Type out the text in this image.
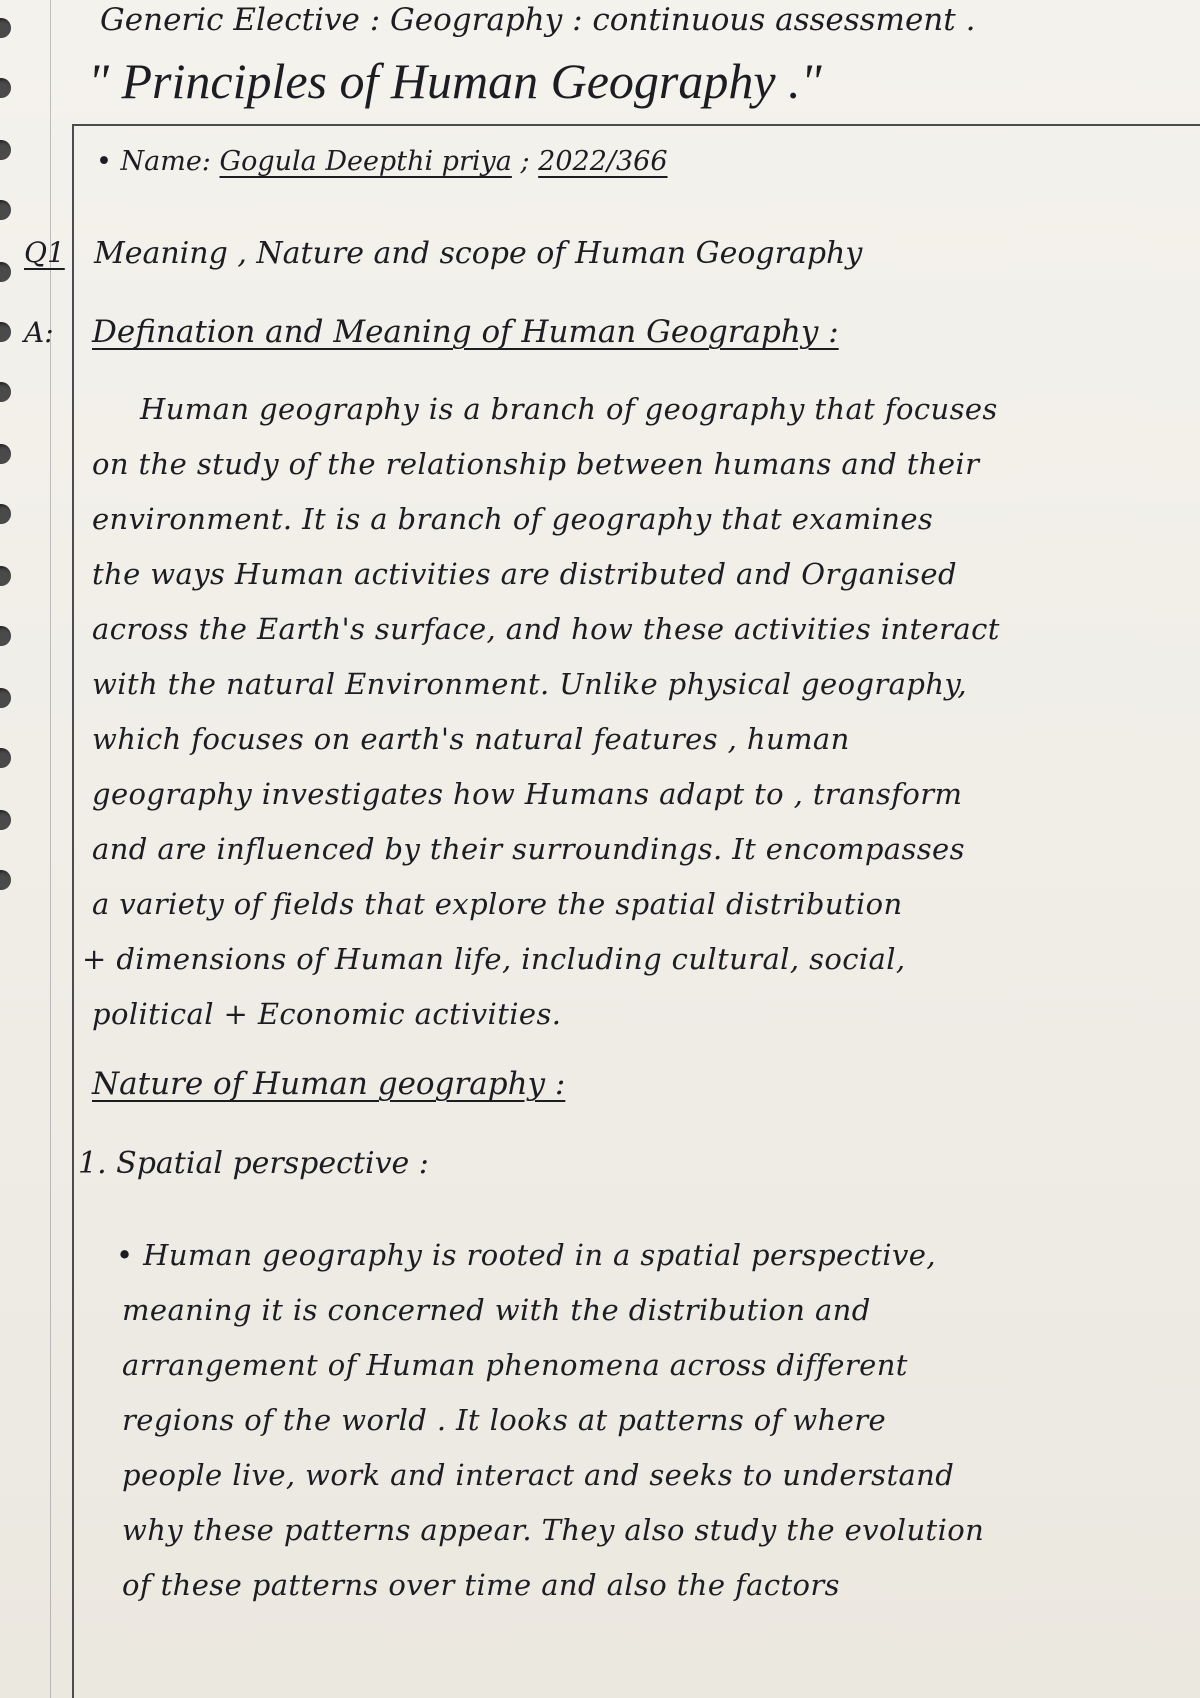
Generic Elective : Geography : continuous assessment .
" Principles of Human Geography ."
• Name: Gogula Deepthi priya ; 2022/366
Q1 Meaning , Nature and scope of Human Geography
A: Defination and Meaning of Human Geography :
Human geography is a branch of geography that focuses
on the study of the relationship between humans and their
environment. It is a branch of geography that examines
the ways Human activities are distributed and Organised
across the Earth's surface, and how these activities interact
with the natural Environment. Unlike physical geography,
which focuses on earth's natural features , human
geography investigates how Humans adapt to , transform
and are influenced by their surroundings. It encompasses
a variety of fields that explore the spatial distribution
+ dimensions of Human life, including cultural, social,
political + Economic activities.
Nature of Human geography :
1. Spatial perspective :
• Human geography is rooted in a spatial perspective,
meaning it is concerned with the distribution and
arrangement of Human phenomena across different
regions of the world . It looks at patterns of where
people live, work and interact and seeks to understand
why these patterns appear. They also study the evolution
of these patterns over time and also the factors
